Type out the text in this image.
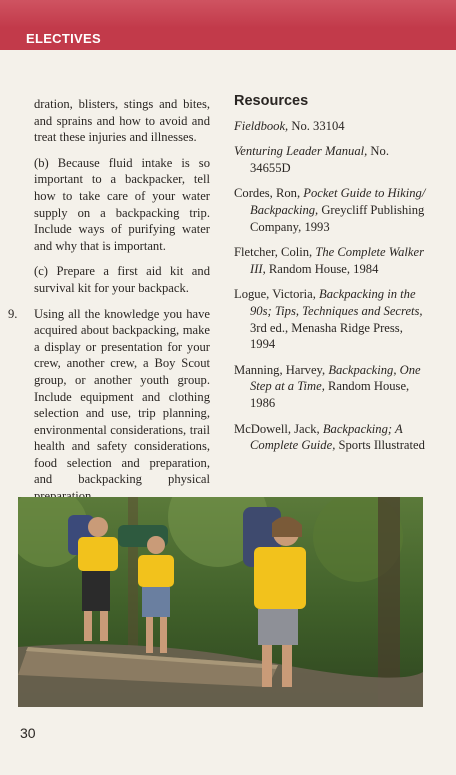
ELECTIVES

dration, blisters, stings and bites, and sprains and how to avoid and treat these injuries and illnesses.

(b) Because fluid intake is so important to a backpacker, tell how to take care of your water supply on a backpacking trip. Include ways of purifying water and why that is important.

(c) Prepare a first aid kit and survival kit for your backpack.

9. Using all the knowledge you have acquired about backpacking, make a display or presentation for your crew, another crew, a Boy Scout group, or another youth group. Include equipment and clothing selection and use, trip planning, environmental considerations, trail health and safety considerations, food selection and preparation, and backpacking physical
Resources
Fieldbook, No. 33104
Venturing Leader Manual, No. 34655D
Cordes, Ron, Pocket Guide to Hiking/ Backpacking, Greycliff Publishing Company, 1993
Fletcher, Colin, The Complete Walker III, Random House, 1984
Logue, Victoria, Backpacking in the 90s; Tips, Techniques and Secrets, 3rd ed., Menasha Ridge Press, 1994
Manning, Harvey, Backpacking, One Step at a Time, Random House, 1986
McDowell, Jack, Backpacking; A Complete Guide, Sports Illustrated
30
